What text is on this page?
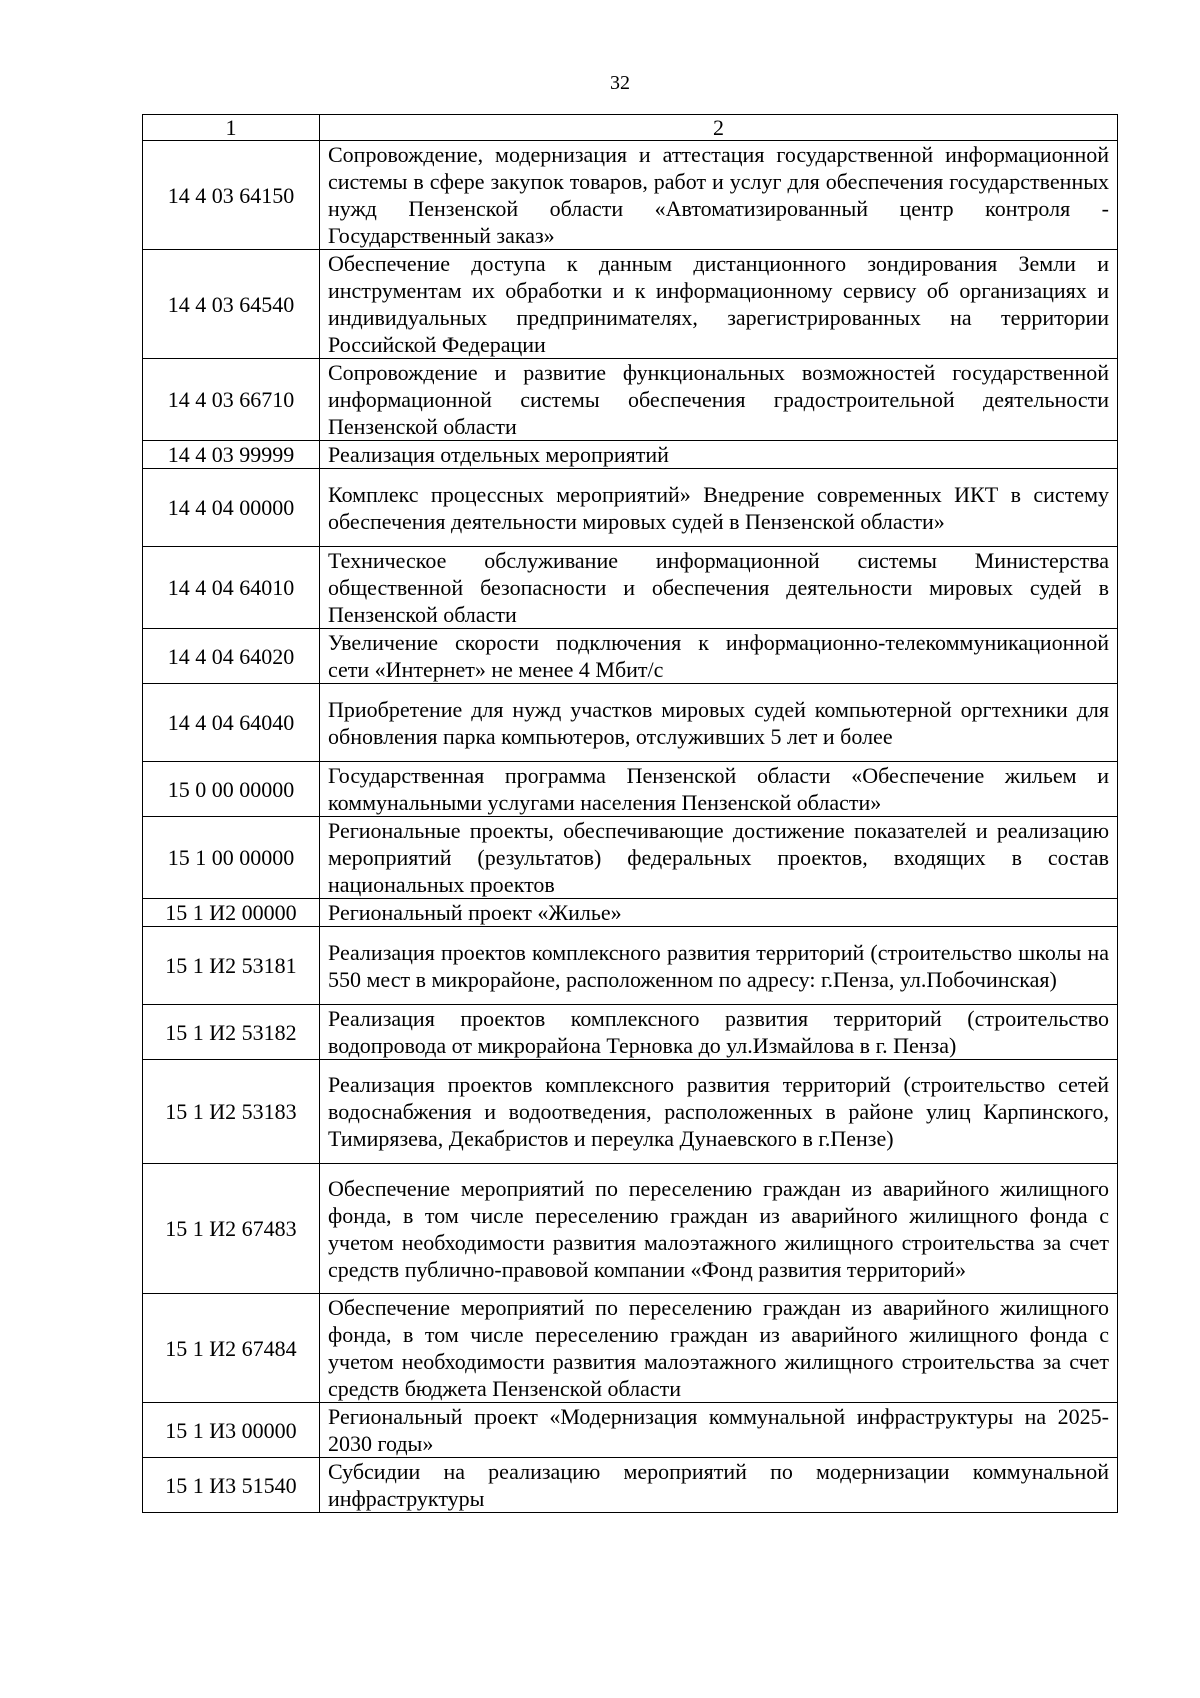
32
1	2
14 4 03 64150	Сопровождение, модернизация и аттестация государственной информационной системы в сфере закупок товаров, работ и услуг для обеспечения государственных нужд Пензенской области «Автоматизированный центр контроля - Государственный заказ»
14 4 03 64540	Обеспечение доступа к данным дистанционного зондирования Земли и инструментам их обработки и к информационному сервису об организациях и индивидуальных предпринимателях, зарегистрированных на территории Российской Федерации
14 4 03 66710	Сопровождение и развитие функциональных возможностей государственной информационной системы обеспечения градостроительной деятельности Пензенской области
14 4 03 99999	Реализация отдельных мероприятий
14 4 04 00000	Комплекс процессных мероприятий» Внедрение современных ИКТ в систему обеспечения деятельности мировых судей в Пензенской области»
14 4 04 64010	Техническое обслуживание информационной системы Министерства общественной безопасности и обеспечения деятельности мировых судей в Пензенской области
14 4 04 64020	Увеличение скорости подключения к информационно-телекоммуникационной сети «Интернет» не менее 4 Мбит/с
14 4 04 64040	Приобретение для нужд участков мировых судей компьютерной оргтехники для обновления парка компьютеров, отслуживших 5 лет и более
15 0 00 00000	Государственная программа Пензенской области «Обеспечение жильем и коммунальными услугами населения Пензенской области»
15 1 00 00000	Региональные проекты, обеспечивающие достижение показателей и реализацию мероприятий (результатов) федеральных проектов, входящих в состав национальных проектов
15 1 И2 00000	Региональный проект «Жилье»
15 1 И2 53181	Реализация проектов комплексного развития территорий (строительство школы на 550 мест в микрорайоне, расположенном по адресу: г.Пенза, ул.Побочинская)
15 1 И2 53182	Реализация проектов комплексного развития территорий (строительство водопровода от микрорайона Терновка до ул.Измайлова в г. Пенза)
15 1 И2 53183	Реализация проектов комплексного развития территорий (строительство сетей водоснабжения и водоотведения, расположенных в районе улиц Карпинского, Тимирязева, Декабристов и переулка Дунаевского в г.Пензе)
15 1 И2 67483	Обеспечение мероприятий по переселению граждан из аварийного жилищного фонда, в том числе переселению граждан из аварийного жилищного фонда с учетом необходимости развития малоэтажного жилищного строительства за счет средств публично-правовой компании «Фонд развития территорий»
15 1 И2 67484	Обеспечение мероприятий по переселению граждан из аварийного жилищного фонда, в том числе переселению граждан из аварийного жилищного фонда с учетом необходимости развития малоэтажного жилищного строительства за счет средств бюджета Пензенской области
15 1 И3 00000	Региональный проект «Модернизация коммунальной инфраструктуры на 2025-2030 годы»
15 1 И3 51540	Субсидии на реализацию мероприятий по модернизации коммунальной инфраструктуры
